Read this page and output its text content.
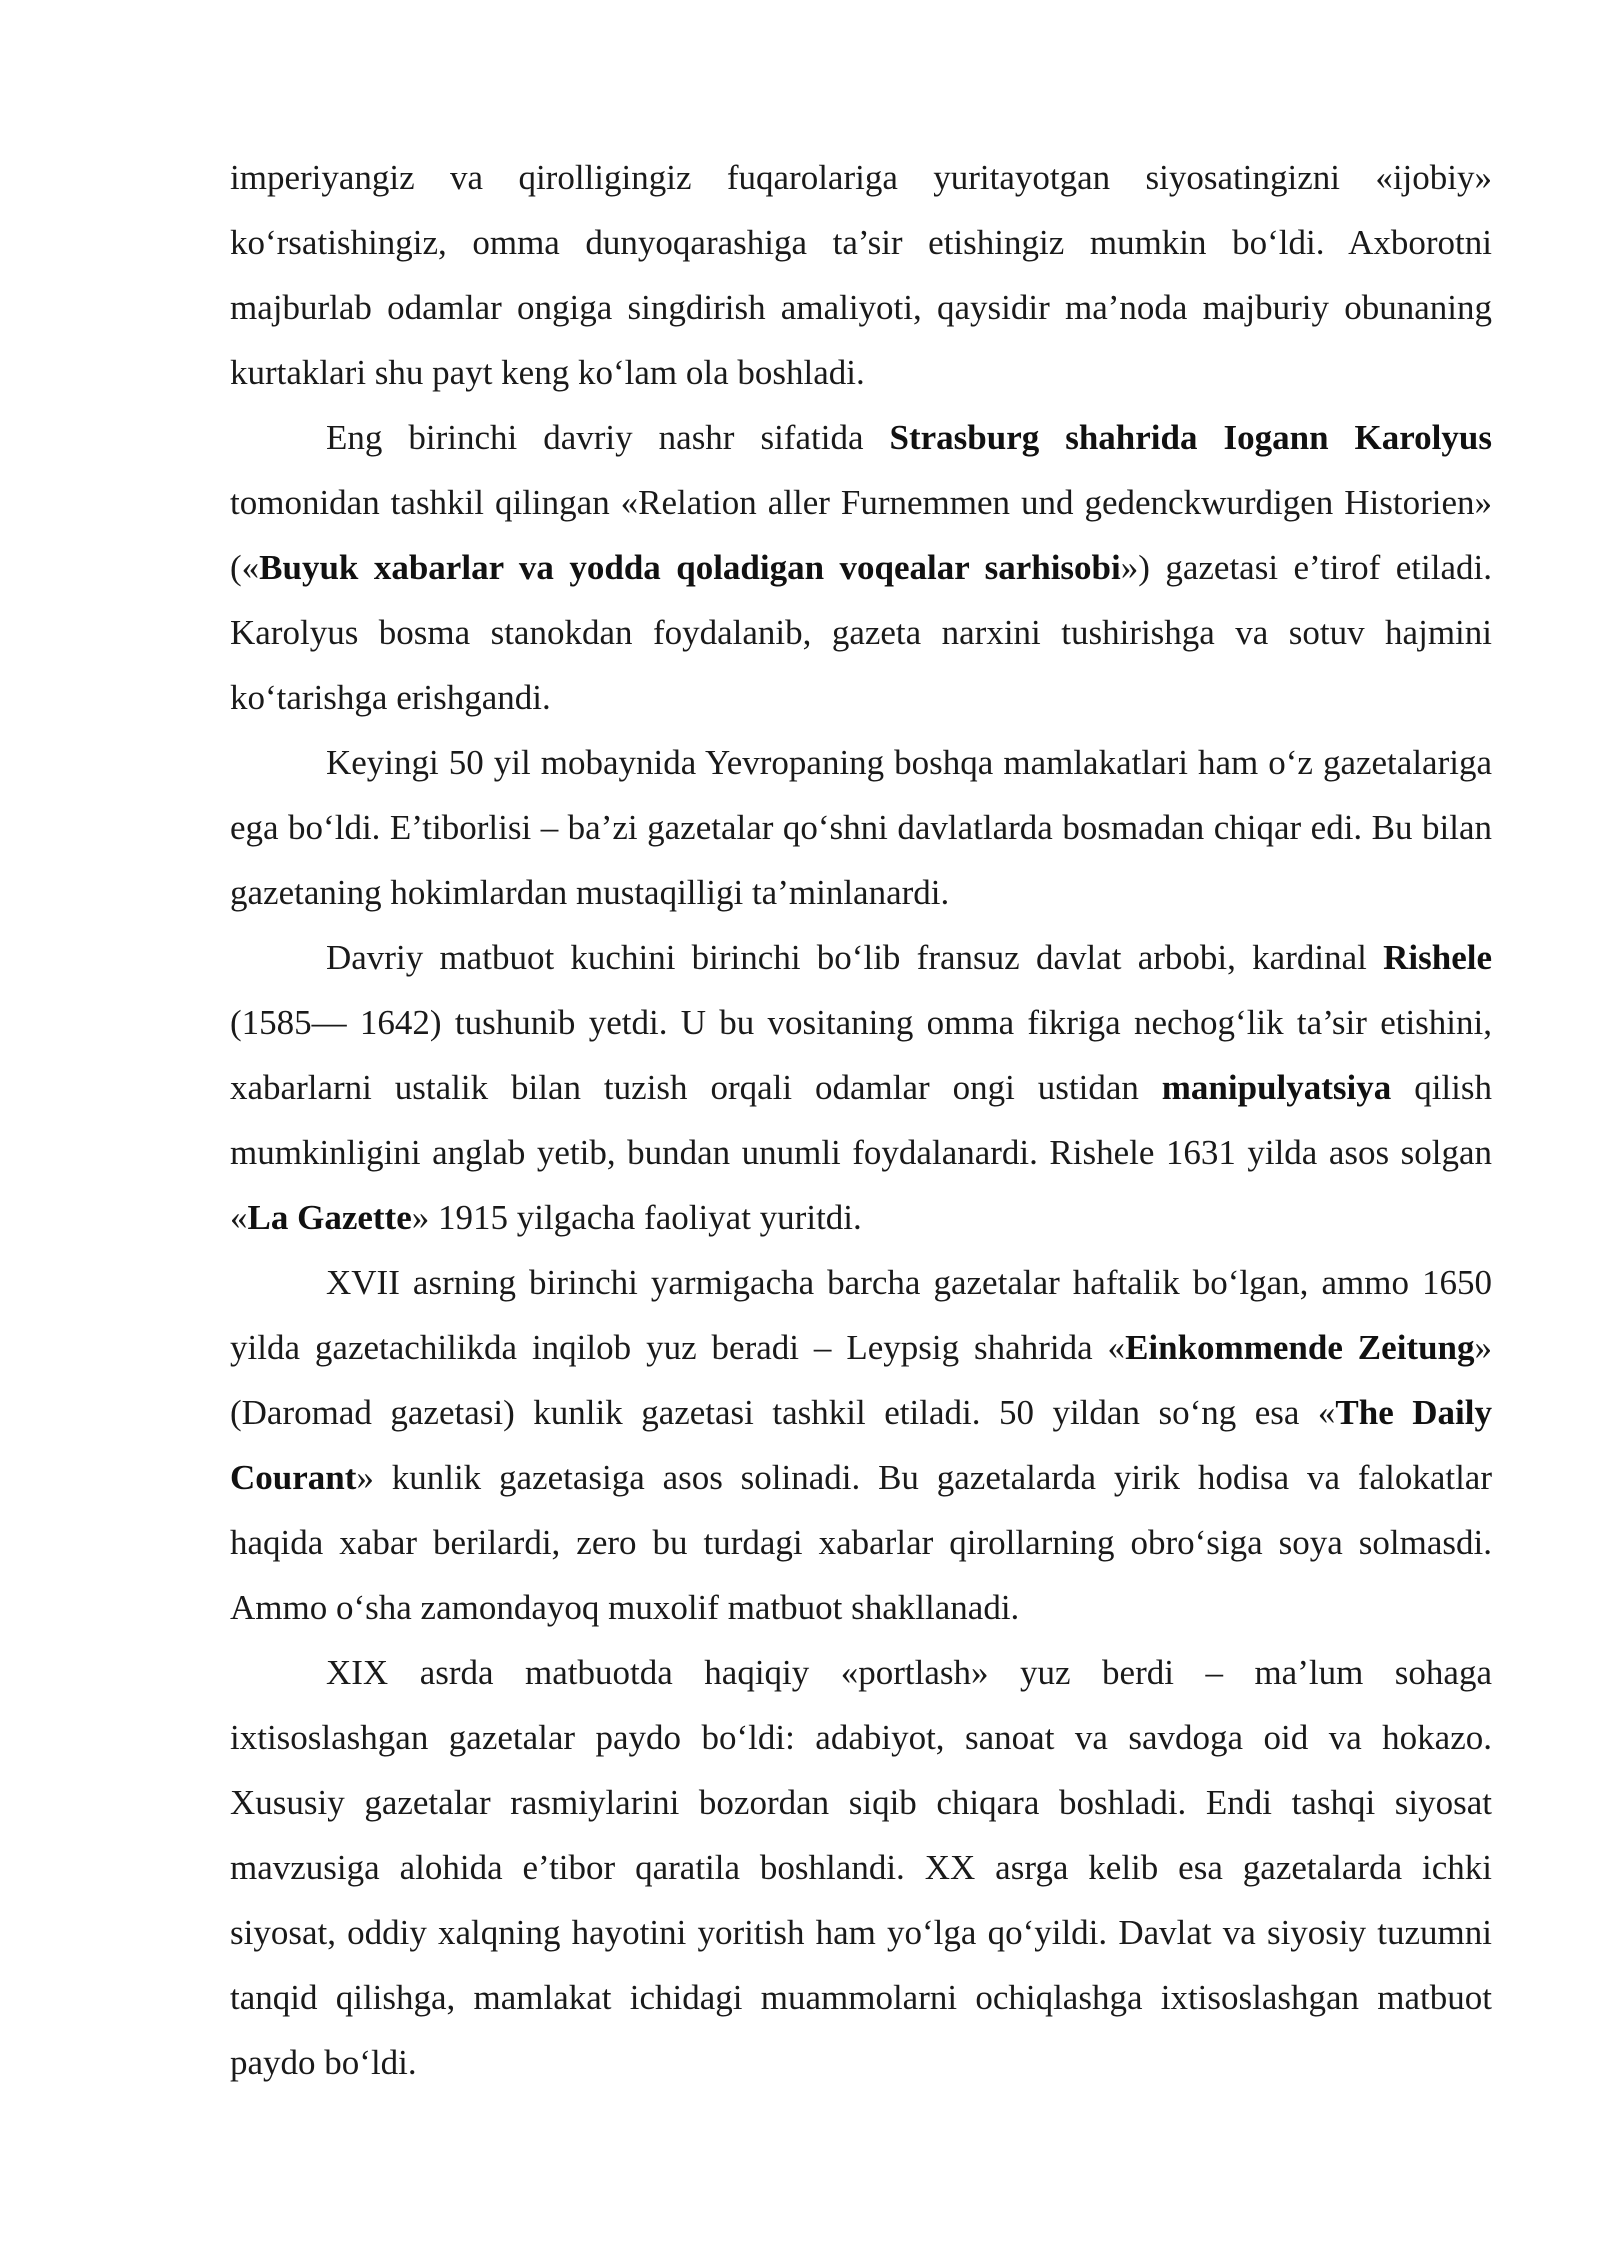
imperiyangiz va qirolligingiz fuqarolariga yuritayotgan siyosatingizni «ijobiy» ko‘rsatishingiz, omma dunyoqarashiga ta’sir etishingiz mumkin bo‘ldi. Axborotni majburlab odamlar ongiga singdirish amaliyoti, qaysidir ma’noda majburiy obunaning kurtaklari shu payt keng ko‘lam ola boshladi.

Eng birinchi davriy nashr sifatida Strasburg shahrida Iogann Karolyus tomonidan tashkil qilingan «Relation aller Furnemmen und gedenckwurdigen Historien» («Buyuk xabarlar va yodda qoladigan voqealar sarhisobi») gazetasi e’tirof etiladi. Karolyus bosma stanokdan foydalanib, gazeta narxini tushirishga va sotuv hajmini ko‘tarishga erishgandi.

Keyingi 50 yil mobaynida Yevropaning boshqa mamlakatlari ham o‘z gazetalariga ega bo‘ldi. E’tiborlisi – ba’zi gazetalar qo‘shni davlatlarda bosmadan chiqar edi. Bu bilan gazetaning hokimlardan mustaqilligi ta’minlanardi.

Davriy matbuot kuchini birinchi bo‘lib fransuz davlat arbobi, kardinal Rishele (1585— 1642) tushunib yetdi. U bu vositaning omma fikriga nechog‘lik ta’sir etishini, xabarlarni ustalik bilan tuzish orqali odamlar ongi ustidan manipulyatsiya qilish mumkinligini anglab yetib, bundan unumli foydalanardi. Rishele 1631 yilda asos solgan «La Gazette» 1915 yilgacha faoliyat yuritdi.

XVII asrning birinchi yarmigacha barcha gazetalar haftalik bo‘lgan, ammo 1650 yilda gazetachilikda inqilob yuz beradi – Leypsig shahrida «Einkommende Zeitung» (Daromad gazetasi) kunlik gazetasi tashkil etiladi. 50 yildan so‘ng esa «The Daily Courant» kunlik gazetasiga asos solinadi. Bu gazetalarda yirik hodisa va falokatlar haqida xabar berilardi, zero bu turdagi xabarlar qirollarning obro‘siga soya solmasdi. Ammo o‘sha zamondayoq muxolif matbuot shakllanadi.

XIX asrda matbuotda haqiqiy «portlash» yuz berdi – ma’lum sohaga ixtisoslashgan gazetalar paydo bo‘ldi: adabiyot, sanoat va savdoga oid va hokazo. Xususiy gazetalar rasmiylarini bozordan siqib chiqara boshladi. Endi tashqi siyosat mavzusiga alohida e’tibor qaratila boshlandi. XX asrga kelib esa gazetalarda ichki siyosat, oddiy xalqning hayotini yoritish ham yo‘lga qo‘yildi. Davlat va siyosiy tuzumni tanqid qilishga, mamlakat ichidagi muammolarni ochiqlashga ixtisoslashgan matbuot paydo bo‘ldi.
